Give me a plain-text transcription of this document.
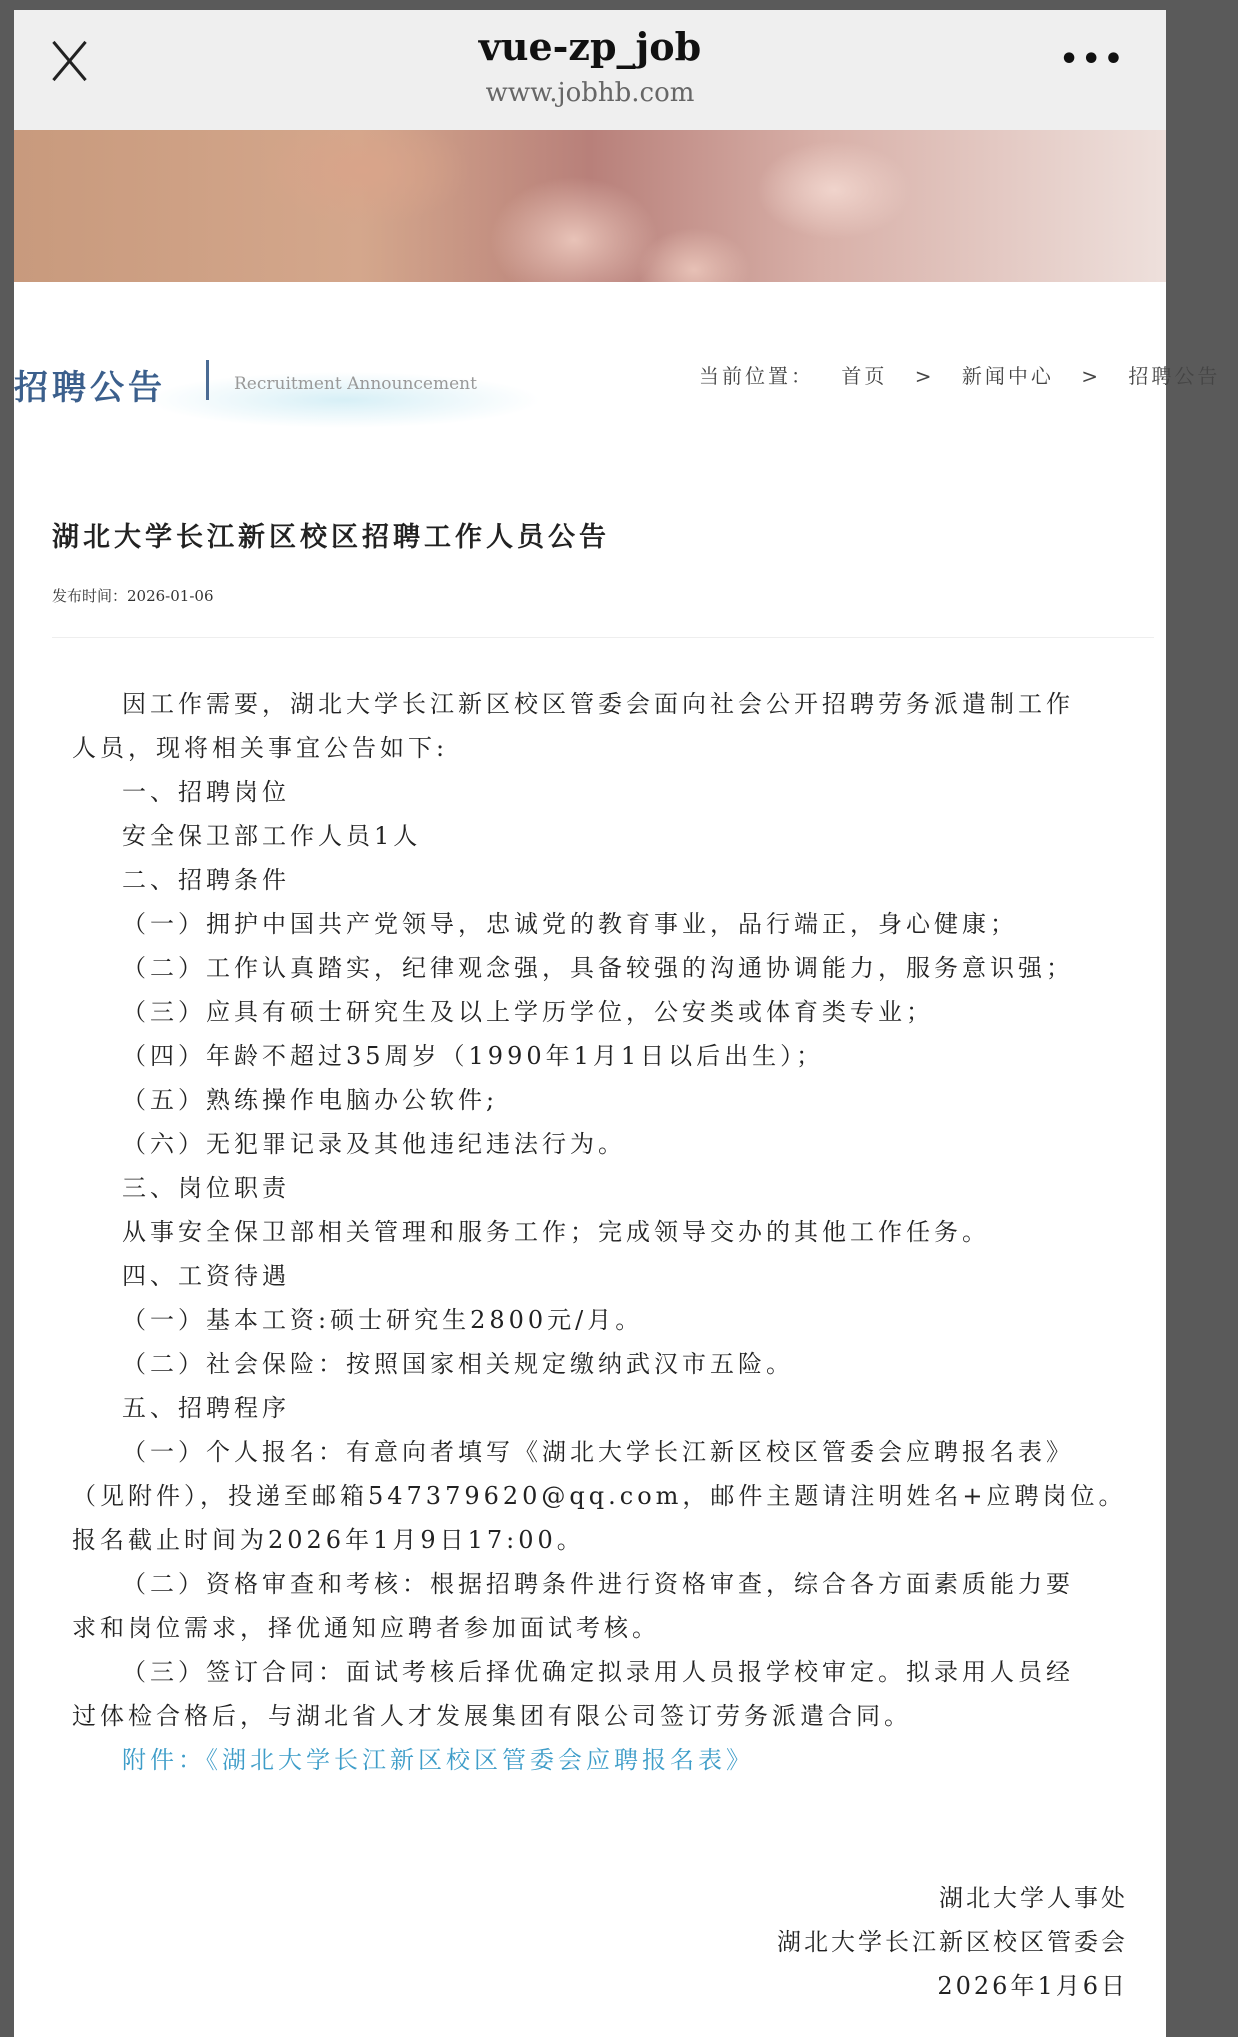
vue-zp_job
www.jobhb.com
•••
招聘公告	Recruitment Announcement	当前位置： 首页 > 新闻中心 > 招聘公告
湖北大学长江新区校区招聘工作人员公告
发布时间：2026-01-06
因工作需要，湖北大学长江新区校区管委会面向社会公开招聘劳务派遣制工作
人员，现将相关事宜公告如下:
一、招聘岗位
安全保卫部工作人员1人
二、招聘条件
（一）拥护中国共产党领导，忠诚党的教育事业，品行端正，身心健康；
（二）工作认真踏实，纪律观念强，具备较强的沟通协调能力，服务意识强；
（三）应具有硕士研究生及以上学历学位，公安类或体育类专业；
（四）年龄不超过35周岁（1990年1月1日以后出生）；
（五）熟练操作电脑办公软件;
（六）无犯罪记录及其他违纪违法行为。
三、岗位职责
从事安全保卫部相关管理和服务工作；完成领导交办的其他工作任务。
四、工资待遇
（一）基本工资:硕士研究生2800元/月。
（二）社会保险：按照国家相关规定缴纳武汉市五险。
五、招聘程序
（一）个人报名：有意向者填写《湖北大学长江新区校区管委会应聘报名表》
（见附件），投递至邮箱547379620@qq.com，邮件主题请注明姓名+应聘岗位。
报名截止时间为2026年1月9日17:00。
（二）资格审查和考核：根据招聘条件进行资格审查，综合各方面素质能力要
求和岗位需求，择优通知应聘者参加面试考核。
（三）签订合同：面试考核后择优确定拟录用人员报学校审定。拟录用人员经
过体检合格后，与湖北省人才发展集团有限公司签订劳务派遣合同。
附件：《湖北大学长江新区校区管委会应聘报名表》
湖北大学人事处
湖北大学长江新区校区管委会
2026年1月6日
